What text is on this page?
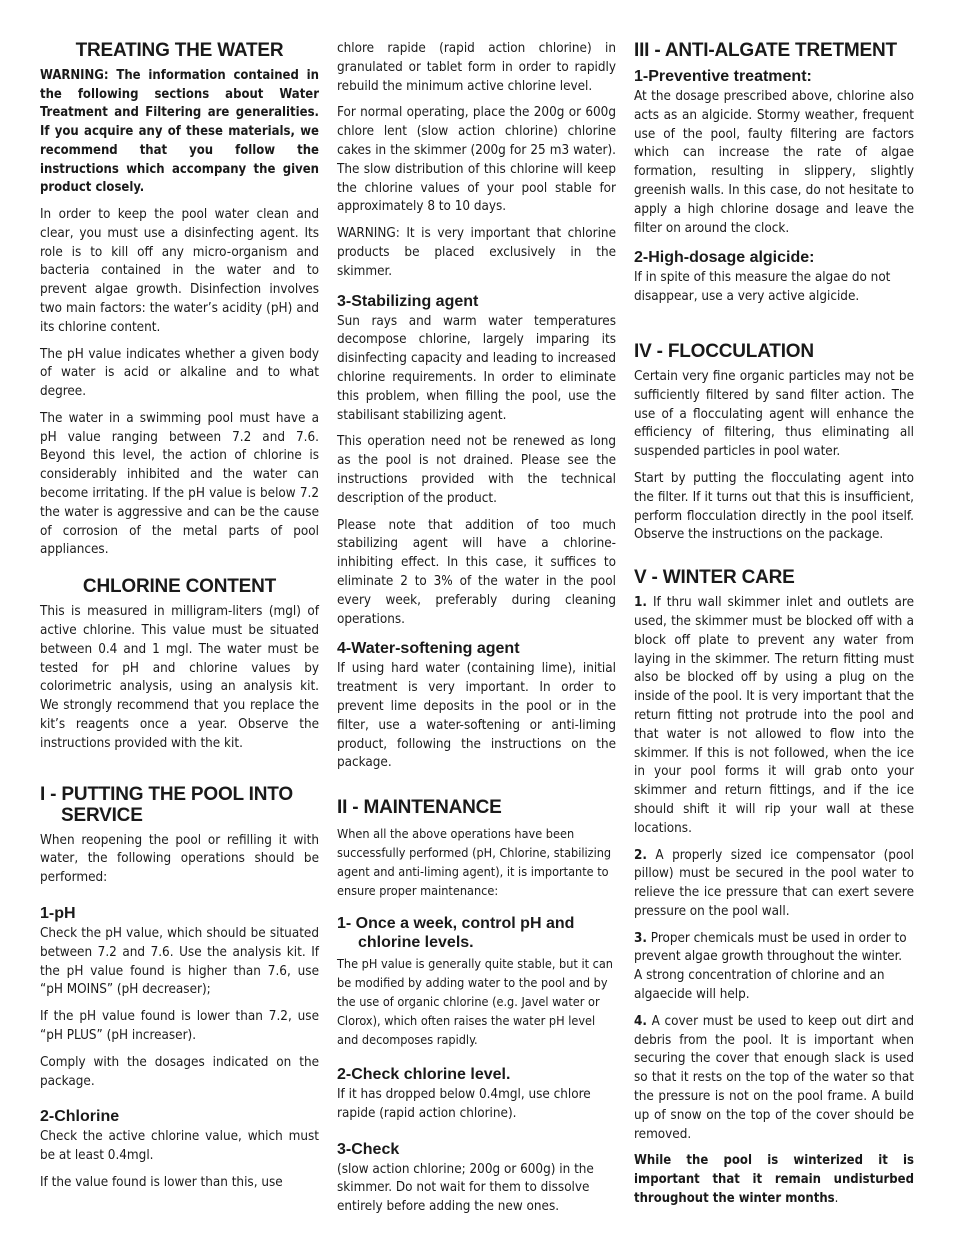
TREATING THE WATER

WARNING: The information contained in the following sections about Water Treatment and Filtering are generalities. If you acquire any of these materials, we recommend that you follow the instructions which accompany the given product closely.

In order to keep the pool water clean and clear, you must use a disinfecting agent. Its role is to kill off any micro-organism and bacteria contained in the water and to prevent algae growth. Disinfection involves two main factors: the water’s acidity (pH) and its chlorine content.

The pH value indicates whether a given body of water is acid or alkaline and to what degree.

The water in a swimming pool must have a pH value ranging between 7.2 and 7.6. Beyond this level, the action of chlorine is considerably inhibited and the water can become irritating. If the pH value is below 7.2 the water is aggressive and can be the cause of corrosion of the metal parts of pool appliances.

CHLORINE CONTENT

This is measured in milligram-liters (mgl) of active chlorine. This value must be situated between 0.4 and 1 mgl. The water must be tested for pH and chlorine values by colorimetric analysis, using an analysis kit. We strongly recommend that you replace the kit’s reagents once a year. Observe the instructions provided with the kit.

I - PUTTING THE POOL INTO SERVICE

When reopening the pool or refilling it with water, the following operations should be performed:

1-pH

Check the pH value, which should be situated between 7.2 and 7.6. Use the analysis kit. If the pH value found is higher than 7.6, use “pH MOINS” (pH decreaser);

If the pH value found is lower than 7.2, use “pH PLUS” (pH increaser).

Comply with the dosages indicated on the package.

2-Chlorine

Check the active chlorine value, which must be at least 0.4mgl.

If the value found is lower than this, use

chlore rapide (rapid action chlorine) in granulated or tablet form in order to rapidly rebuild the minimum active chlorine level.

For normal operating, place the 200g or 600g chlore lent (slow action chlorine) chlorine cakes in the skimmer (200g for 25 m3 water). The slow distribution of this chlorine will keep the chlorine values of your pool stable for approximately 8 to 10 days.

WARNING: It is very important that chlorine products be placed exclusively in the skimmer.

3-Stabilizing agent

Sun rays and warm water temperatures decompose chlorine, largely imparing its disinfecting capacity and leading to increased chlorine requirements. In order to eliminate this problem, when filling the pool, use the stabilisant stabilizing agent.

This operation need not be renewed as long as the pool is not drained. Please see the instructions provided with the technical description of the product.

Please note that addition of too much stabilizing agent will have a chlorine-inhibiting effect. In this case, it suffices to eliminate 2 to 3% of the water in the pool every week, preferably during cleaning operations.

4-Water-softening agent

If using hard water (containing lime), initial treatment is very important. In order to prevent lime deposits in the pool or in the filter, use a water-softening or anti-liming product, following the instructions on the package.

II - MAINTENANCE

When all the above operations have been successfully performed (pH, Chlorine, stabilizing agent and anti-liming agent), it is importante to ensure proper maintenance:

1- Once a week, control pH and chlorine levels.

The pH value is generally quite stable, but it can be modified by adding water to the pool and by the use of organic chlorine (e.g. Javel water or Clorox), which often raises the water pH level and decomposes rapidly.

2-Check chlorine level.

If it has dropped below 0.4mgl, use chlore rapide (rapid action chlorine).

3-Check

(slow action chlorine; 200g or 600g) in the skimmer. Do not wait for them to dissolve entirely before adding the new ones.

III - ANTI-ALGATE TRETMENT
1-Preventive treatment:

At the dosage prescribed above, chlorine also acts as an algicide. Stormy weather, frequent use of the pool, faulty filtering are factors which can increase the rate of algae formation, resulting in slippery, slightly greenish walls. In this case, do not hesitate to apply a high chlorine dosage and leave the filter on around the clock.

2-High-dosage algicide:

If in spite of this measure the algae do not disappear, use a very active algicide.

IV - FLOCCULATION

Certain very fine organic particles may not be sufficiently filtered by sand filter action. The use of a flocculating agent will enhance the efficiency of filtering, thus eliminating all suspended particles in pool water.

Start by putting the flocculating agent into the filter. If it turns out that this is insufficient, perform flocculation directly in the pool itself. Observe the instructions on the package.

V - WINTER CARE

1. If thru wall skimmer inlet and outlets are used, the skimmer must be blocked off with a block off plate to prevent any water from laying in the skimmer. The return fitting must also be blocked off by using a plug on the inside of the pool. It is very important that the return fitting not protrude into the pool and that water is not allowed to flow into the skimmer. If this is not followed, when the ice in your pool forms it will grab onto your skimmer and return fittings, and if the ice should shift it will rip your wall at these locations.

2. A properly sized ice compensator (pool pillow) must be secured in the pool water to relieve the ice pressure that can exert severe pressure on the pool wall.

3. Proper chemicals must be used in order to prevent algae growth throughout the winter. A strong concentration of chlorine and an algaecide will help.

4. A cover must be used to keep out dirt and debris from the pool. It is important when securing the cover that enough slack is used so that it rests on the top of the water so that the pressure is not on the pool frame. A build up of snow on the top of the cover should be removed.

While the pool is winterized it is important that it remain undisturbed throughout the winter months.
